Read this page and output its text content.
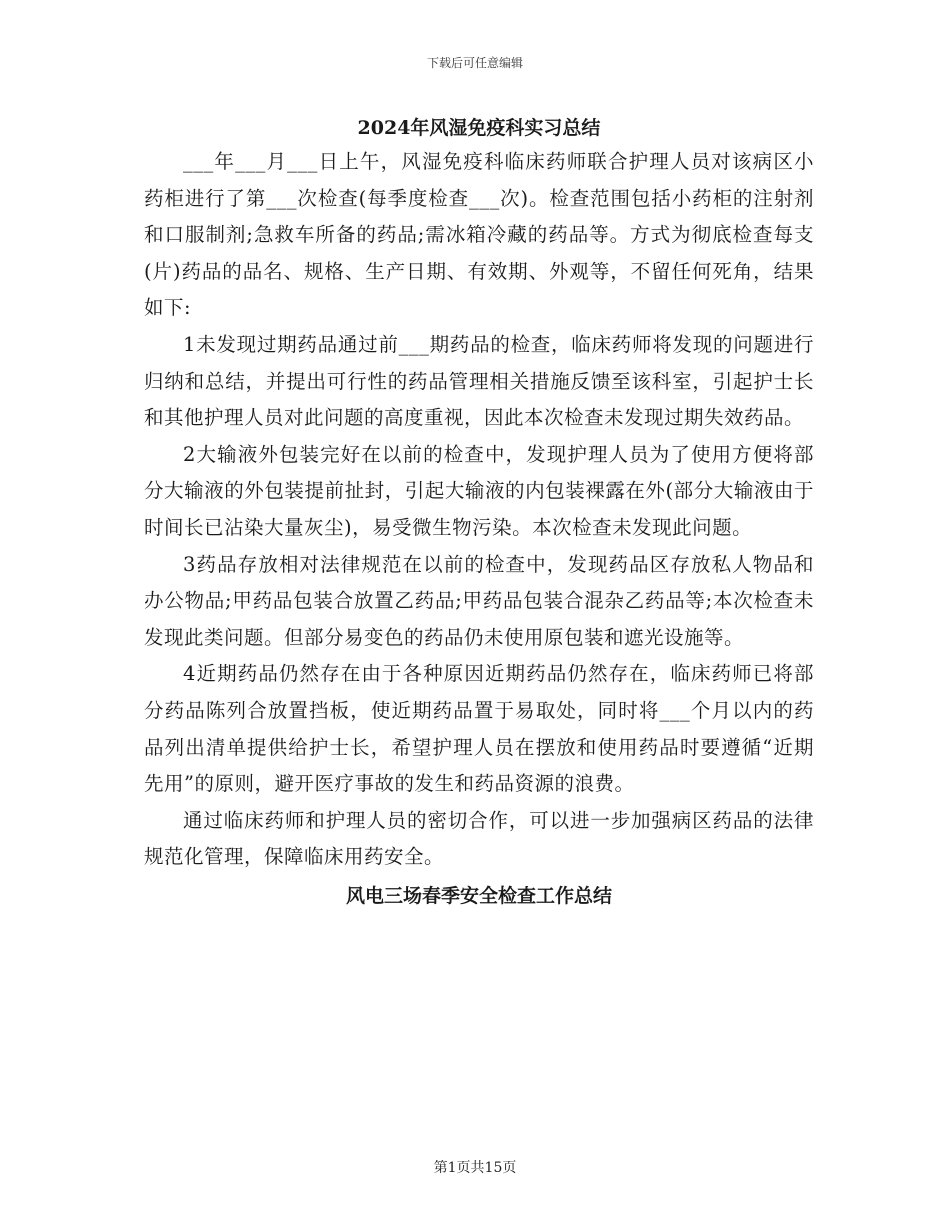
下载后可任意编辑
2024年风湿免疫科实习总结

___年___月___日上午，风湿免疫科临床药师联合护理人员对该病区小药柜进行了第___次检查(每季度检查___次)。检查范围包括小药柜的注射剂和口服制剂;急救车所备的药品;需冰箱冷藏的药品等。方式为彻底检查每支(片)药品的品名、规格、生产日期、有效期、外观等，不留任何死角，结果如下:

1未发现过期药品通过前___期药品的检查，临床药师将发现的问题进行归纳和总结，并提出可行性的药品管理相关措施反馈至该科室，引起护士长和其他护理人员对此问题的高度重视，因此本次检查未发现过期失效药品。

2大输液外包装完好在以前的检查中，发现护理人员为了使用方便将部分大输液的外包装提前扯封，引起大输液的内包装裸露在外(部分大输液由于时间长已沾染大量灰尘)，易受微生物污染。本次检查未发现此问题。

3药品存放相对法律规范在以前的检查中，发现药品区存放私人物品和办公物品;甲药品包装合放置乙药品;甲药品包装合混杂乙药品等;本次检查未发现此类问题。但部分易变色的药品仍未使用原包装和遮光设施等。

4近期药品仍然存在由于各种原因近期药品仍然存在，临床药师已将部分药品陈列合放置挡板，使近期药品置于易取处，同时将___个月以内的药品列出清单提供给护士长，希望护理人员在摆放和使用药品时要遵循“近期先用”的原则，避开医疗事故的发生和药品资源的浪费。

通过临床药师和护理人员的密切合作，可以进一步加强病区药品的法律规范化管理，保障临床用药安全。

风电三场春季安全检查工作总结
第1页共15页
